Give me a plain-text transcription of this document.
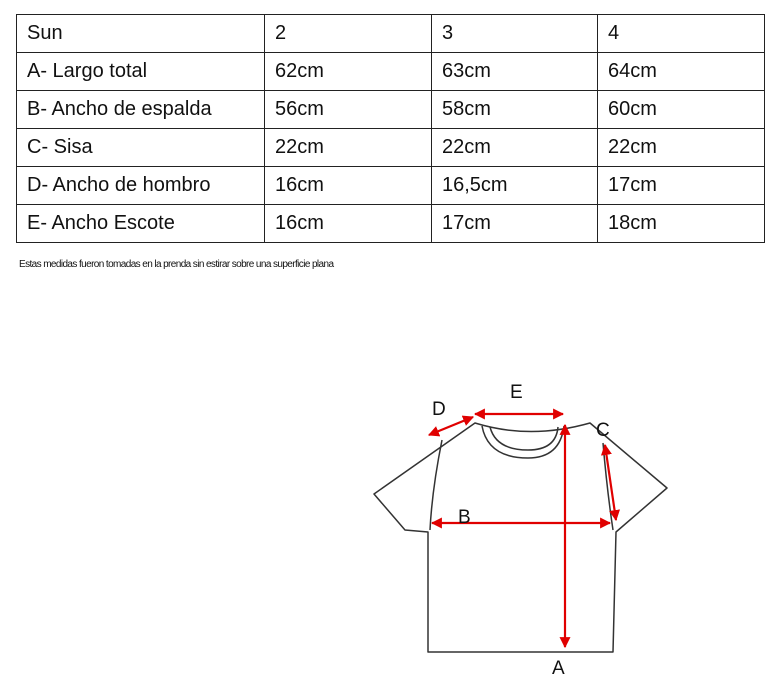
Sun	2	3	4
A- Largo total	62cm	63cm	64cm
B- Ancho de espalda	56cm	58cm	60cm
C- Sisa	22cm	22cm	22cm
D- Ancho de hombro	16cm	16,5cm	17cm
E- Ancho Escote	16cm	17cm	18cm
Estas medidas fueron tomadas en la prenda sin estirar sobre una superficie plana
A
B
C
D
E
